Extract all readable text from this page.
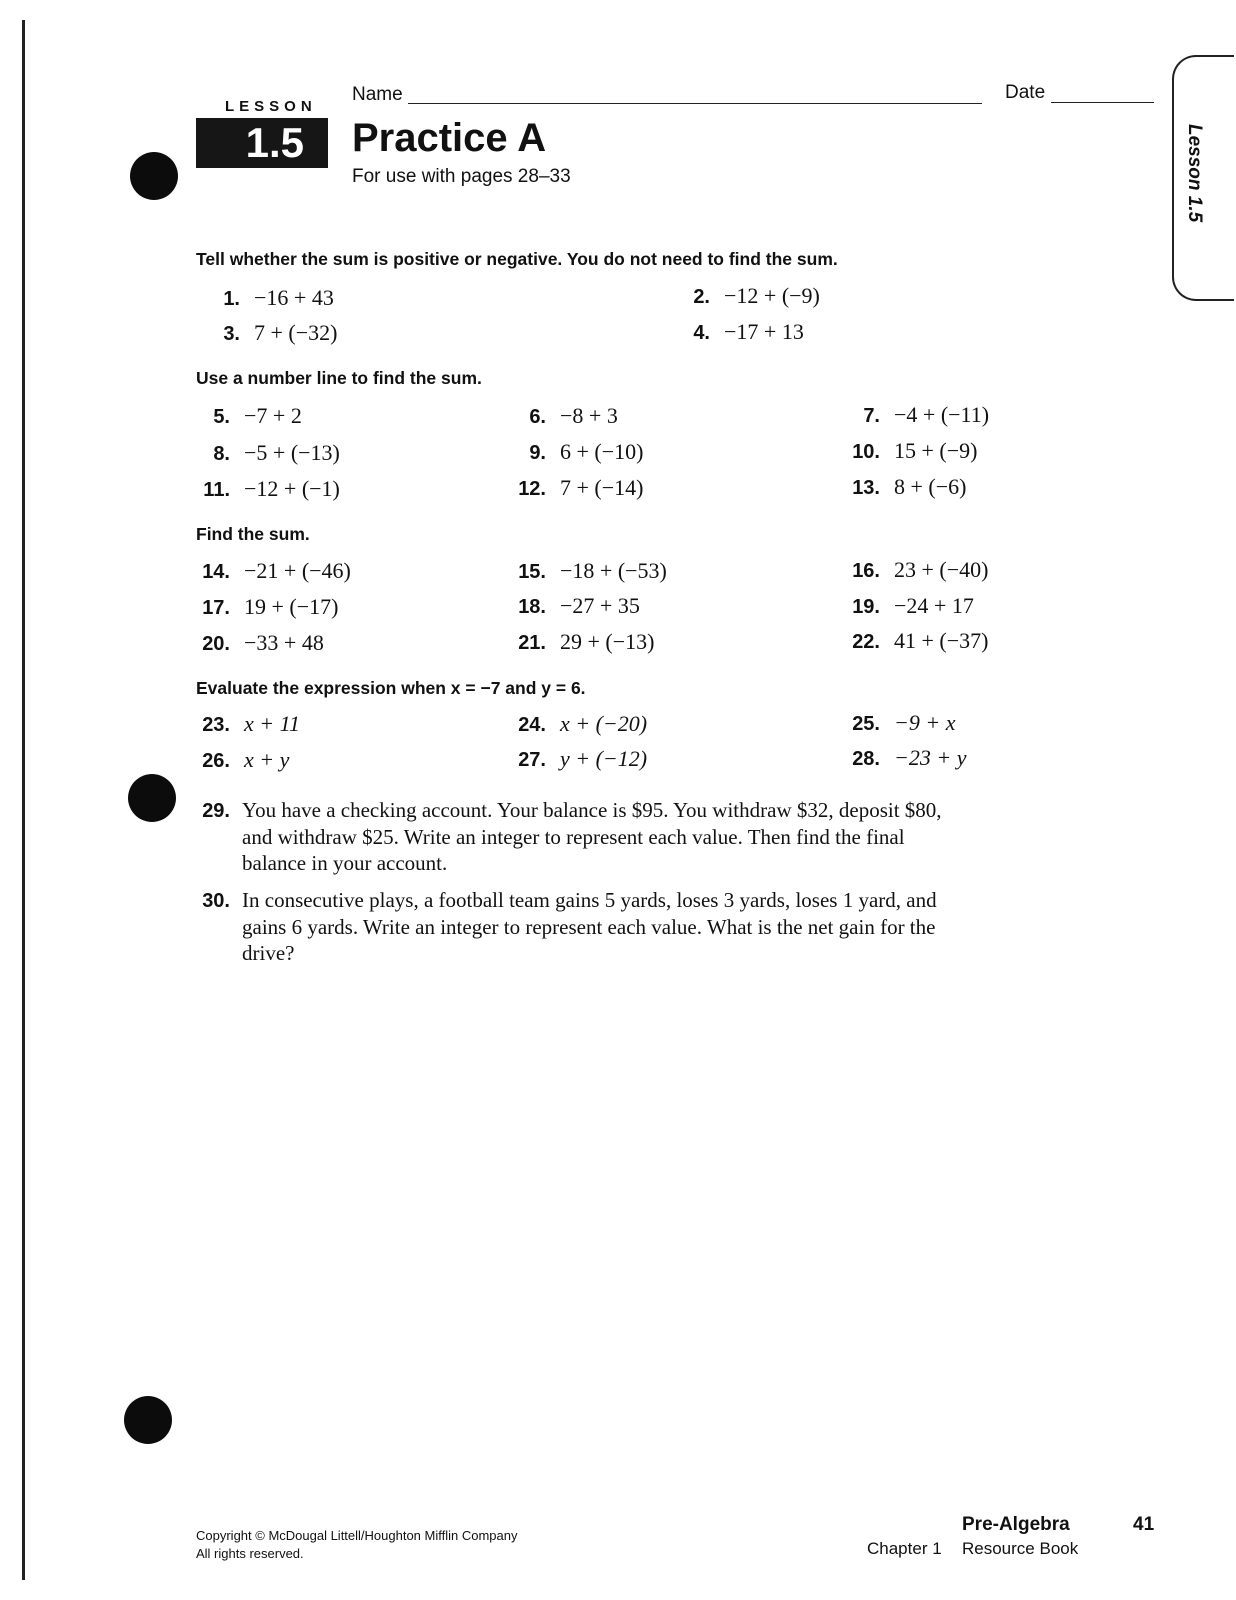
LESSON
1.5
Name	Date
Practice A
For use with pages 28–33	Lesson 1.5
Tell whether the sum is positive or negative. You do not need to find the sum.
1. −16 + 43	2. −12 + (−9)
3. 7 + (−32)	4. −17 + 13
Use a number line to find the sum.
5. −7 + 2	6. −8 + 3	7. −4 + (−11)
8. −5 + (−13)	9. 6 + (−10)	10. 15 + (−9)
11. −12 + (−1)	12. 7 + (−14)	13. 8 + (−6)
Find the sum.
14. −21 + (−46)	15. −18 + (−53)	16. 23 + (−40)
17. 19 + (−17)	18. −27 + 35	19. −24 + 17
20. −33 + 48	21. 29 + (−13)	22. 41 + (−37)
Evaluate the expression when x = −7 and y = 6.
23. x + 11	24. x + (−20)	25. −9 + x
26. x + y	27. y + (−12)	28. −23 + y
29. You have a checking account. Your balance is $95. You withdraw $32, deposit $80, and withdraw $25. Write an integer to represent each value. Then find the final balance in your account.
30. In consecutive plays, a football team gains 5 yards, loses 3 yards, loses 1 yard, and gains 6 yards. Write an integer to represent each value. What is the net gain for the drive?
Copyright © McDougal Littell/Houghton Mifflin Company
All rights reserved.
Pre-Algebra	41
Chapter 1 Resource Book
